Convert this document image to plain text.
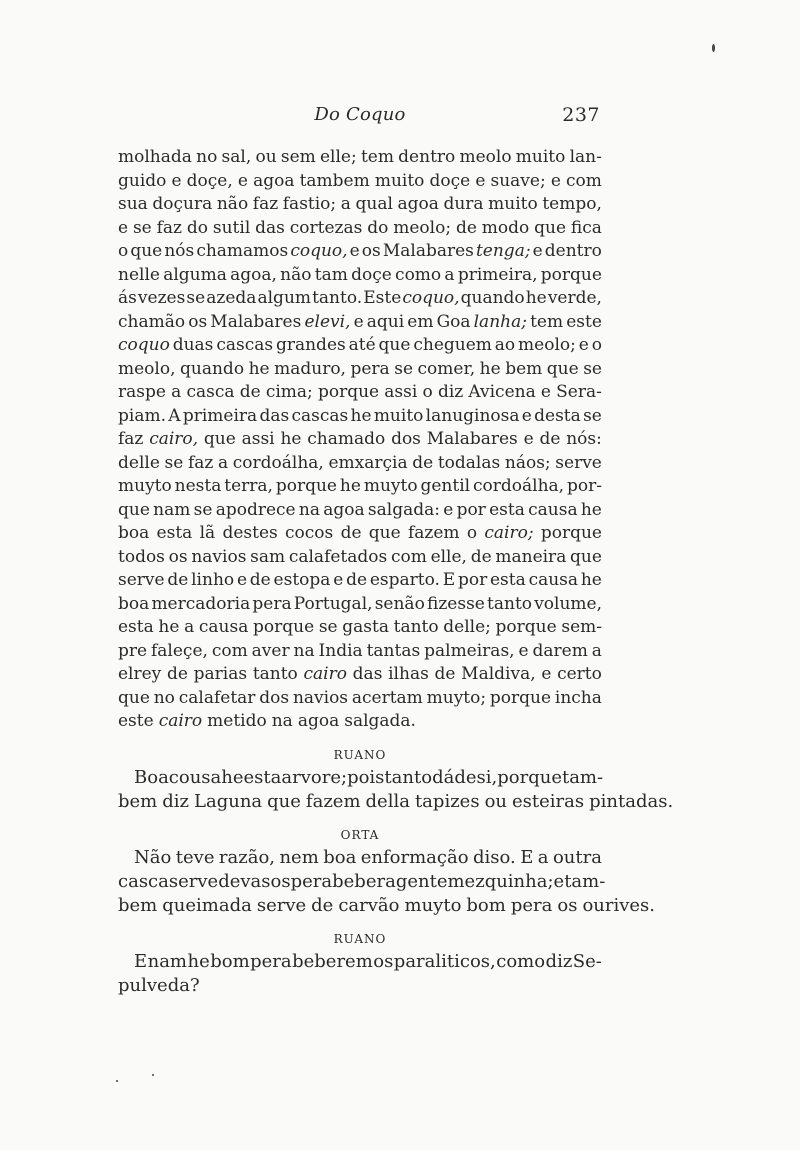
Do Coquo	237
molhada no sal, ou sem elle; tem dentro meolo muito lan-
guido e doçe, e agoa tambem muito doçe e suave; e com
sua doçura não faz fastio; a qual agoa dura muito tempo,
e se faz do sutil das cortezas do meolo; de modo que fica
o que nós chamamos coquo, e os Malabares tenga; e dentro
nelle alguma agoa, não tam doçe como a primeira, porque
ás vezes se azeda algum tanto. Este coquo, quando he verde,
chamão os Malabares elevi, e aqui em Goa lanha; tem este
coquo duas cascas grandes até que cheguem ao meolo; e o
meolo, quando he maduro, pera se comer, he bem que se
raspe a casca de cima; porque assi o diz Avicena e Sera-
piam. A primeira das cascas he muito lanuginosa e desta se
faz cairo, que assi he chamado dos Malabares e de nós:
delle se faz a cordoálha, emxarçia de todalas náos; serve
muyto nesta terra, porque he muyto gentil cordoálha, por-
que nam se apodrece na agoa salgada: e por esta causa he
boa esta lã destes cocos de que fazem o cairo; porque
todos os navios sam calafetados com elle, de maneira que
serve de linho e de estopa e de esparto. E por esta causa he
boa mercadoria pera Portugal, senão fizesse tanto volume,
esta he a causa porque se gasta tanto delle; porque sem-
pre faleçe, com aver na India tantas palmeiras, e darem a
elrey de parias tanto cairo das ilhas de Maldiva, e certo
que no calafetar dos navios acertam muyto; porque incha
este cairo metido na agoa salgada.
RUANO
Boa cousa he esta arvore; pois tanto dá de si, porque tam-
bem diz Laguna que fazem della tapizes ou esteiras pintadas.
ORTA
Não teve razão, nem boa enformação diso. E a outra
casca serve de vasos pera beber a gente mezquinha; e tam-
bem queimada serve de carvão muyto bom pera os ourives.
RUANO
E nam he bom pera beberem os paraliticos, como diz Se-
pulveda?
